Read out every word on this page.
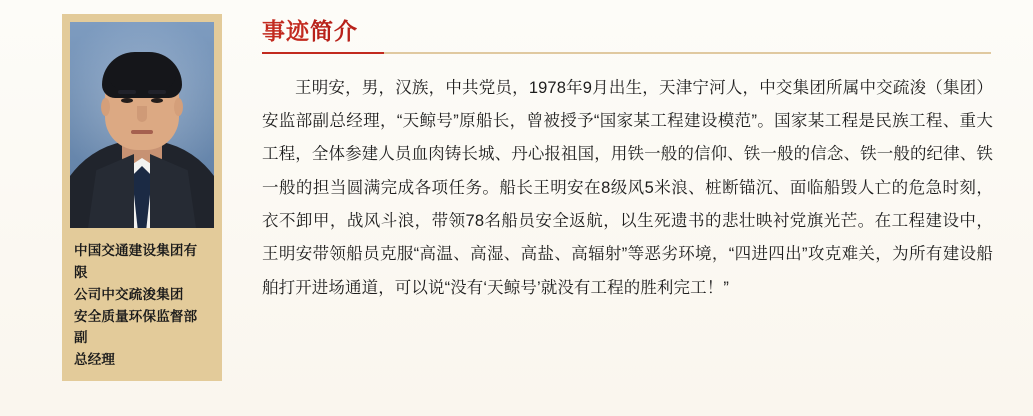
中国交通建设集团有限
公司中交疏浚集团
安全质量环保监督部副
总经理
事迹简介
王明安，男，汉族，中共党员，1978年9月出生，天津宁河人，中交集团所属中交疏浚（集团）安监部副总经理，“天鲸号”原船长，曾被授予“国家某工程建设模范”。国家某工程是民族工程、重大工程，全体参建人员血肉铸长城、丹心报祖国，用铁一般的信仰、铁一般的信念、铁一般的纪律、铁一般的担当圆满完成各项任务。船长王明安在8级风5米浪、桩断锚沉、面临船毁人亡的危急时刻，衣不卸甲，战风斗浪，带领78名船员安全返航，以生死遗书的悲壮映衬党旗光芒。在工程建设中，王明安带领船员克服“高温、高湿、高盐、高辐射”等恶劣环境，“四进四出”攻克难关，为所有建设船舶打开进场通道，可以说“没有‘天鲸号’就没有工程的胜利完工！”
